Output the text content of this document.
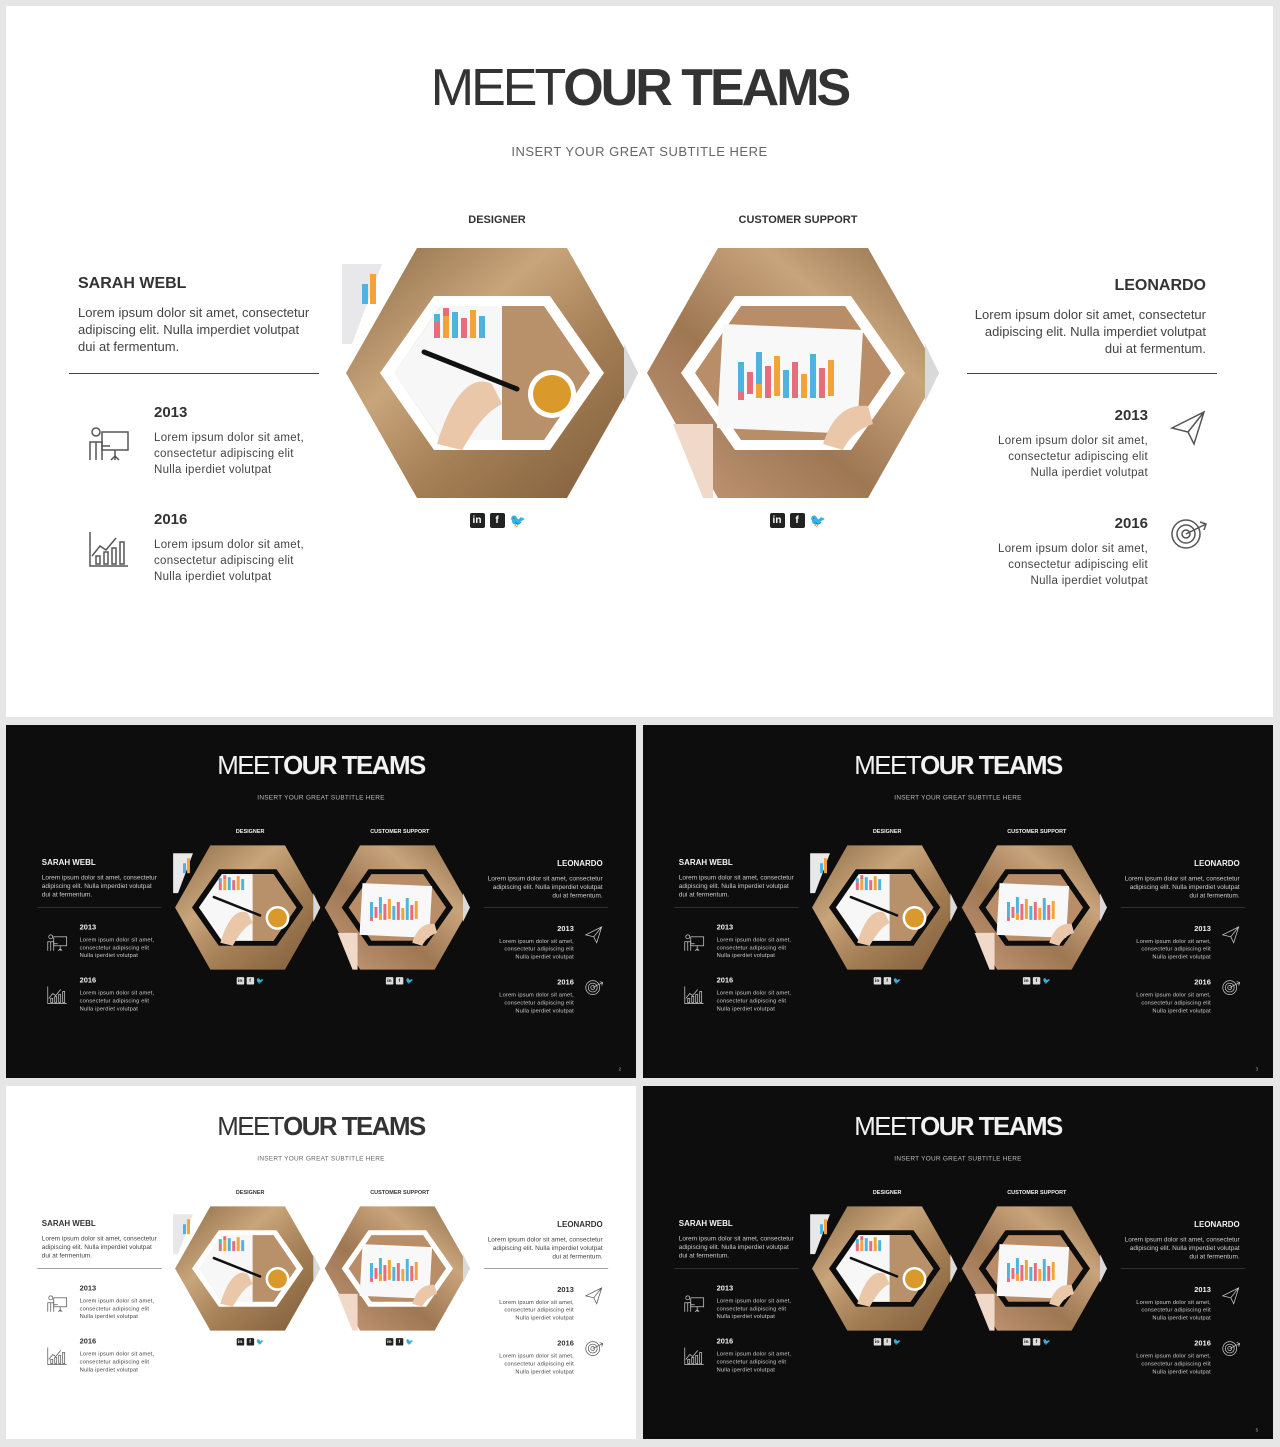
MEETOUR TEAMS
INSERT YOUR GREAT SUBTITLE HERE
DESIGNER	CUSTOMER SUPPORT
in	f 🐦	in	f 🐦
SARAH WEBL
Lorem ipsum dolor sit amet, consectetur adipiscing elit. Nulla imperdiet volutpat dui at fermentum.
2013
Lorem ipsum dolor sit amet, consectetur adipiscing elit Nulla iperdiet volutpat
2016
Lorem ipsum dolor sit amet, consectetur adipiscing elit Nulla iperdiet volutpat
LEONARDO
Lorem ipsum dolor sit amet, consectetur adipiscing elit. Nulla imperdiet volutpat dui at fermentum.
2013
Lorem ipsum dolor sit amet, consectetur adipiscing elit Nulla iperdiet volutpat
2016
Lorem ipsum dolor sit amet, consectetur adipiscing elit Nulla iperdiet volutpat
MEETOUR TEAMS
INSERT YOUR GREAT SUBTITLE HERE
DESIGNER	CUSTOMER SUPPORT
in f 🐦	in f 🐦
SARAH WEBL
Lorem ipsum dolor sit amet, consectetur adipiscing elit. Nulla imperdiet volutpat dui at fermentum.
2013
Lorem ipsum dolor sit amet, consectetur adipiscing elit Nulla iperdiet volutpat
2016
Lorem ipsum dolor sit amet, consectetur adipiscing elit Nulla iperdiet volutpat
LEONARDO
Lorem ipsum dolor sit amet, consectetur adipiscing elit. Nulla imperdiet volutpat dui at fermentum.
2013
Lorem ipsum dolor sit amet, consectetur adipiscing elit Nulla iperdiet volutpat
2016
Lorem ipsum dolor sit amet, consectetur adipiscing elit Nulla iperdiet volutpat
2
MEETOUR TEAMS
INSERT YOUR GREAT SUBTITLE HERE
DESIGNER	CUSTOMER SUPPORT
in f 🐦	in f 🐦
SARAH WEBL
Lorem ipsum dolor sit amet, consectetur adipiscing elit. Nulla imperdiet volutpat dui at fermentum.
2013
Lorem ipsum dolor sit amet, consectetur adipiscing elit Nulla iperdiet volutpat
2016
Lorem ipsum dolor sit amet, consectetur adipiscing elit Nulla iperdiet volutpat
LEONARDO
Lorem ipsum dolor sit amet, consectetur adipiscing elit. Nulla imperdiet volutpat dui at fermentum.
2013
Lorem ipsum dolor sit amet, consectetur adipiscing elit Nulla iperdiet volutpat
2016
Lorem ipsum dolor sit amet, consectetur adipiscing elit Nulla iperdiet volutpat
3
MEETOUR TEAMS
INSERT YOUR GREAT SUBTITLE HERE
DESIGNER	CUSTOMER SUPPORT
in f 🐦	in f 🐦
SARAH WEBL
Lorem ipsum dolor sit amet, consectetur adipiscing elit. Nulla imperdiet volutpat dui at fermentum.
2013
Lorem ipsum dolor sit amet, consectetur adipiscing elit Nulla iperdiet volutpat
2016
Lorem ipsum dolor sit amet, consectetur adipiscing elit Nulla iperdiet volutpat
LEONARDO
Lorem ipsum dolor sit amet, consectetur adipiscing elit. Nulla imperdiet volutpat dui at fermentum.
2013
Lorem ipsum dolor sit amet, consectetur adipiscing elit Nulla iperdiet volutpat
2016
Lorem ipsum dolor sit amet, consectetur adipiscing elit Nulla iperdiet volutpat
MEETOUR TEAMS
INSERT YOUR GREAT SUBTITLE HERE
DESIGNER	CUSTOMER SUPPORT
in f 🐦	in f 🐦
SARAH WEBL
Lorem ipsum dolor sit amet, consectetur adipiscing elit. Nulla imperdiet volutpat dui at fermentum.
2013
Lorem ipsum dolor sit amet, consectetur adipiscing elit Nulla iperdiet volutpat
2016
Lorem ipsum dolor sit amet, consectetur adipiscing elit Nulla iperdiet volutpat
LEONARDO
Lorem ipsum dolor sit amet, consectetur adipiscing elit. Nulla imperdiet volutpat dui at fermentum.
2013
Lorem ipsum dolor sit amet, consectetur adipiscing elit Nulla iperdiet volutpat
2016
Lorem ipsum dolor sit amet, consectetur adipiscing elit Nulla iperdiet volutpat
5
